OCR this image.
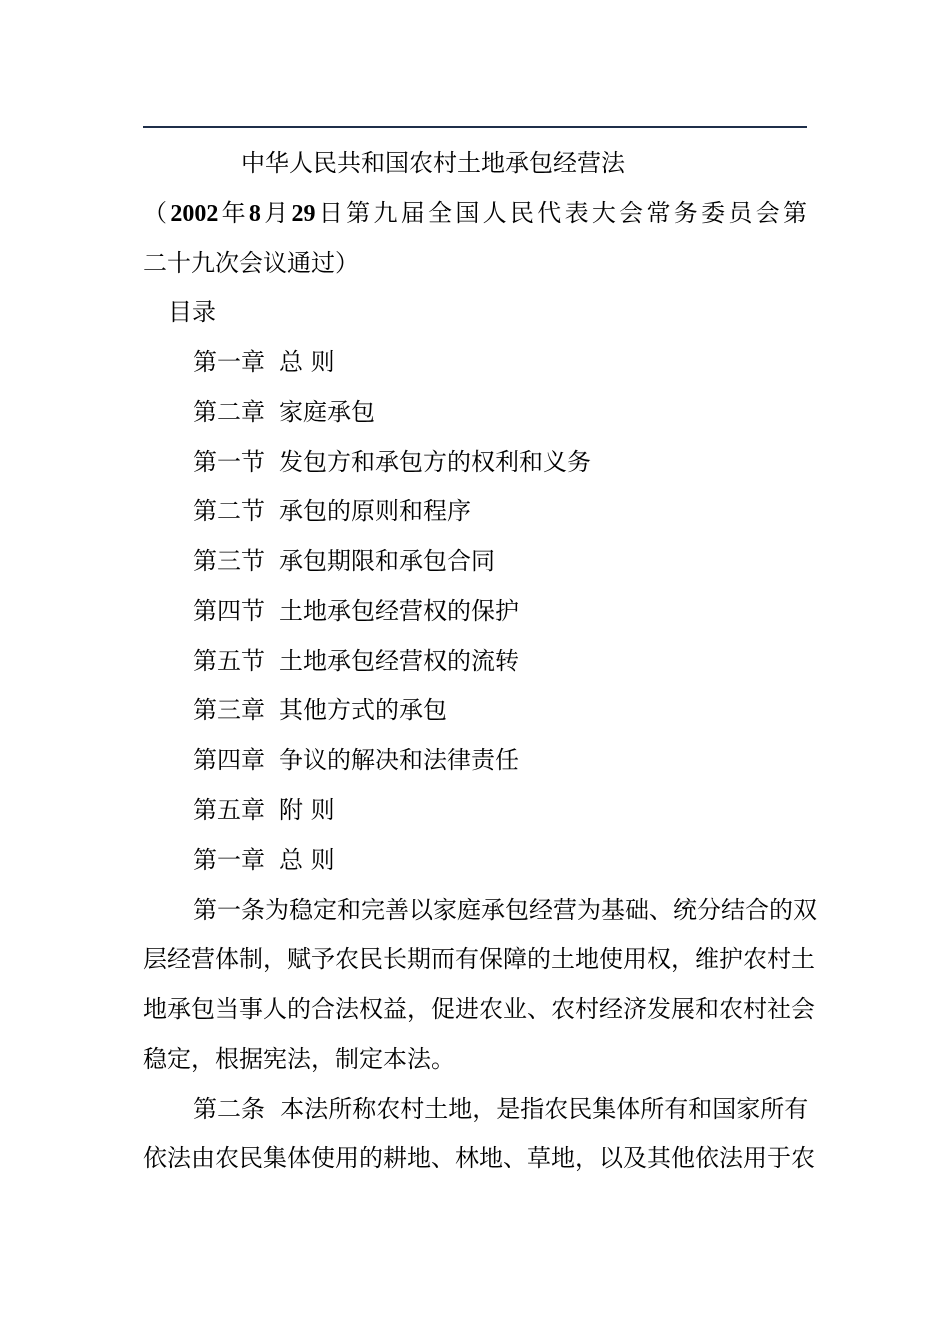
中华人民共和国农村土地承包经营法
（2002年8月29日第九届全国人民代表大会常务委员会第
二十九次会议通过）
目录
第一章 总 则
第二章 家庭承包
第一节 发包方和承包方的权利和义务
第二节 承包的原则和程序
第三节 承包期限和承包合同
第四节 土地承包经营权的保护
第五节 土地承包经营权的流转
第三章 其他方式的承包
第四章 争议的解决和法律责任
第五章 附 则
第一章 总 则
第一条为稳定和完善以家庭承包经营为基础、统分结合的双
层经营体制，赋予农民长期而有保障的土地使用权，维护农村土
地承包当事人的合法权益，促进农业、农村经济发展和农村社会
稳定，根据宪法，制定本法。
第二条  本法所称农村土地，是指农民集体所有和国家所有
依法由农民集体使用的耕地、林地、草地，以及其他依法用于农
